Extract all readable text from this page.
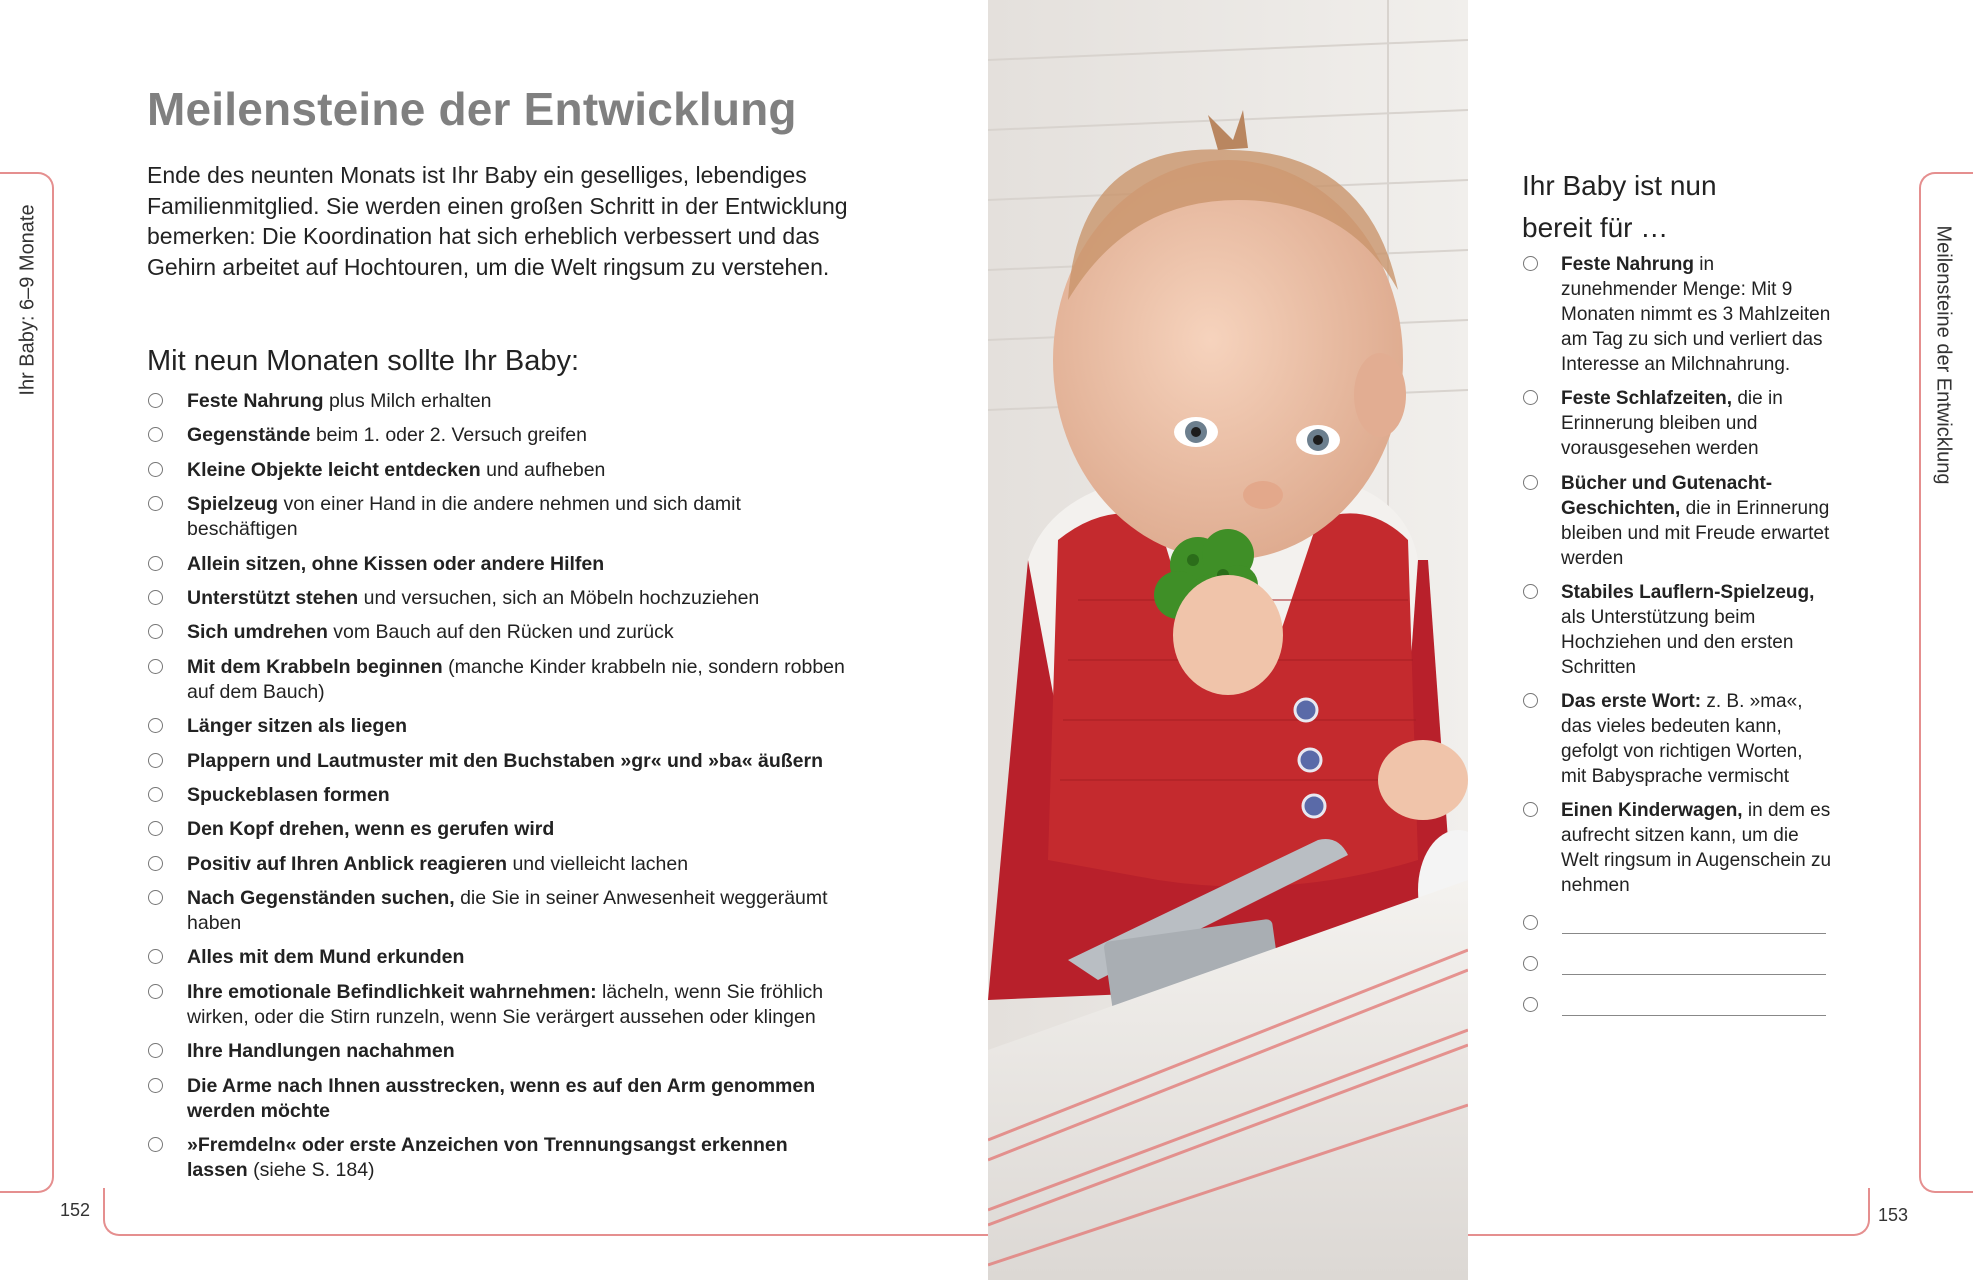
Ihr Baby: 6–9 Monate
152
Meilensteine der Entwicklung

Ende des neunten Monats ist Ihr Baby ein geselliges, lebendiges Familienmitglied. Sie werden einen großen Schritt in der Entwicklung bemerken: Die Koordination hat sich erheblich verbessert und das Gehirn arbeitet auf Hochtouren, um die Welt ringsum zu verstehen.

Mit neun Monaten sollte Ihr Baby:
Feste Nahrung plus Milch erhalten
Gegenstände beim 1. oder 2. Versuch greifen
Kleine Objekte leicht entdecken und aufheben
Spielzeug von einer Hand in die andere nehmen und sich damit beschäftigen
Allein sitzen, ohne Kissen oder andere Hilfen
Unterstützt stehen und versuchen, sich an Möbeln hochzuziehen
Sich umdrehen vom Bauch auf den Rücken und zurück
Mit dem Krabbeln beginnen (manche Kinder krabbeln nie, sondern robben auf dem Bauch)
Länger sitzen als liegen
Plappern und Lautmuster mit den Buchstaben »gr« und »ba« äußern
Spuckeblasen formen
Den Kopf drehen, wenn es gerufen wird
Positiv auf Ihren Anblick reagieren und vielleicht lachen
Nach Gegenständen suchen, die Sie in seiner Anwesenheit weggeräumt haben
Alles mit dem Mund erkunden
Ihre emotionale Befindlichkeit wahrnehmen: lächeln, wenn Sie fröhlich wirken, oder die Stirn runzeln, wenn Sie verärgert aussehen oder klingen
Ihre Handlungen nachahmen
Die Arme nach Ihnen ausstrecken, wenn es auf den Arm genommen werden möchte
»Fremdeln« oder erste Anzeichen von Trennungsangst erkennen lassen (siehe S. 184)
Meilensteine der Entwicklung
153
Ihr Baby ist nun bereit für …
Feste Nahrung in zunehmender Menge: Mit 9 Monaten nimmt es 3 Mahlzeiten am Tag zu sich und verliert das Interesse an Milchnahrung.
Feste Schlafzeiten, die in Erinnerung bleiben und vorausgesehen werden
Bücher und Gutenacht-Geschichten, die in Erinnerung bleiben und mit Freude erwartet werden
Stabiles Lauflern-Spielzeug, als Unterstützung beim Hochziehen und den ersten Schritten
Das erste Wort: z. B. »ma«, das vieles bedeuten kann, gefolgt von richtigen Worten, mit Babysprache vermischt
Einen Kinderwagen, in dem es aufrecht sitzen kann, um die Welt ringsum in Augenschein zu nehmen
